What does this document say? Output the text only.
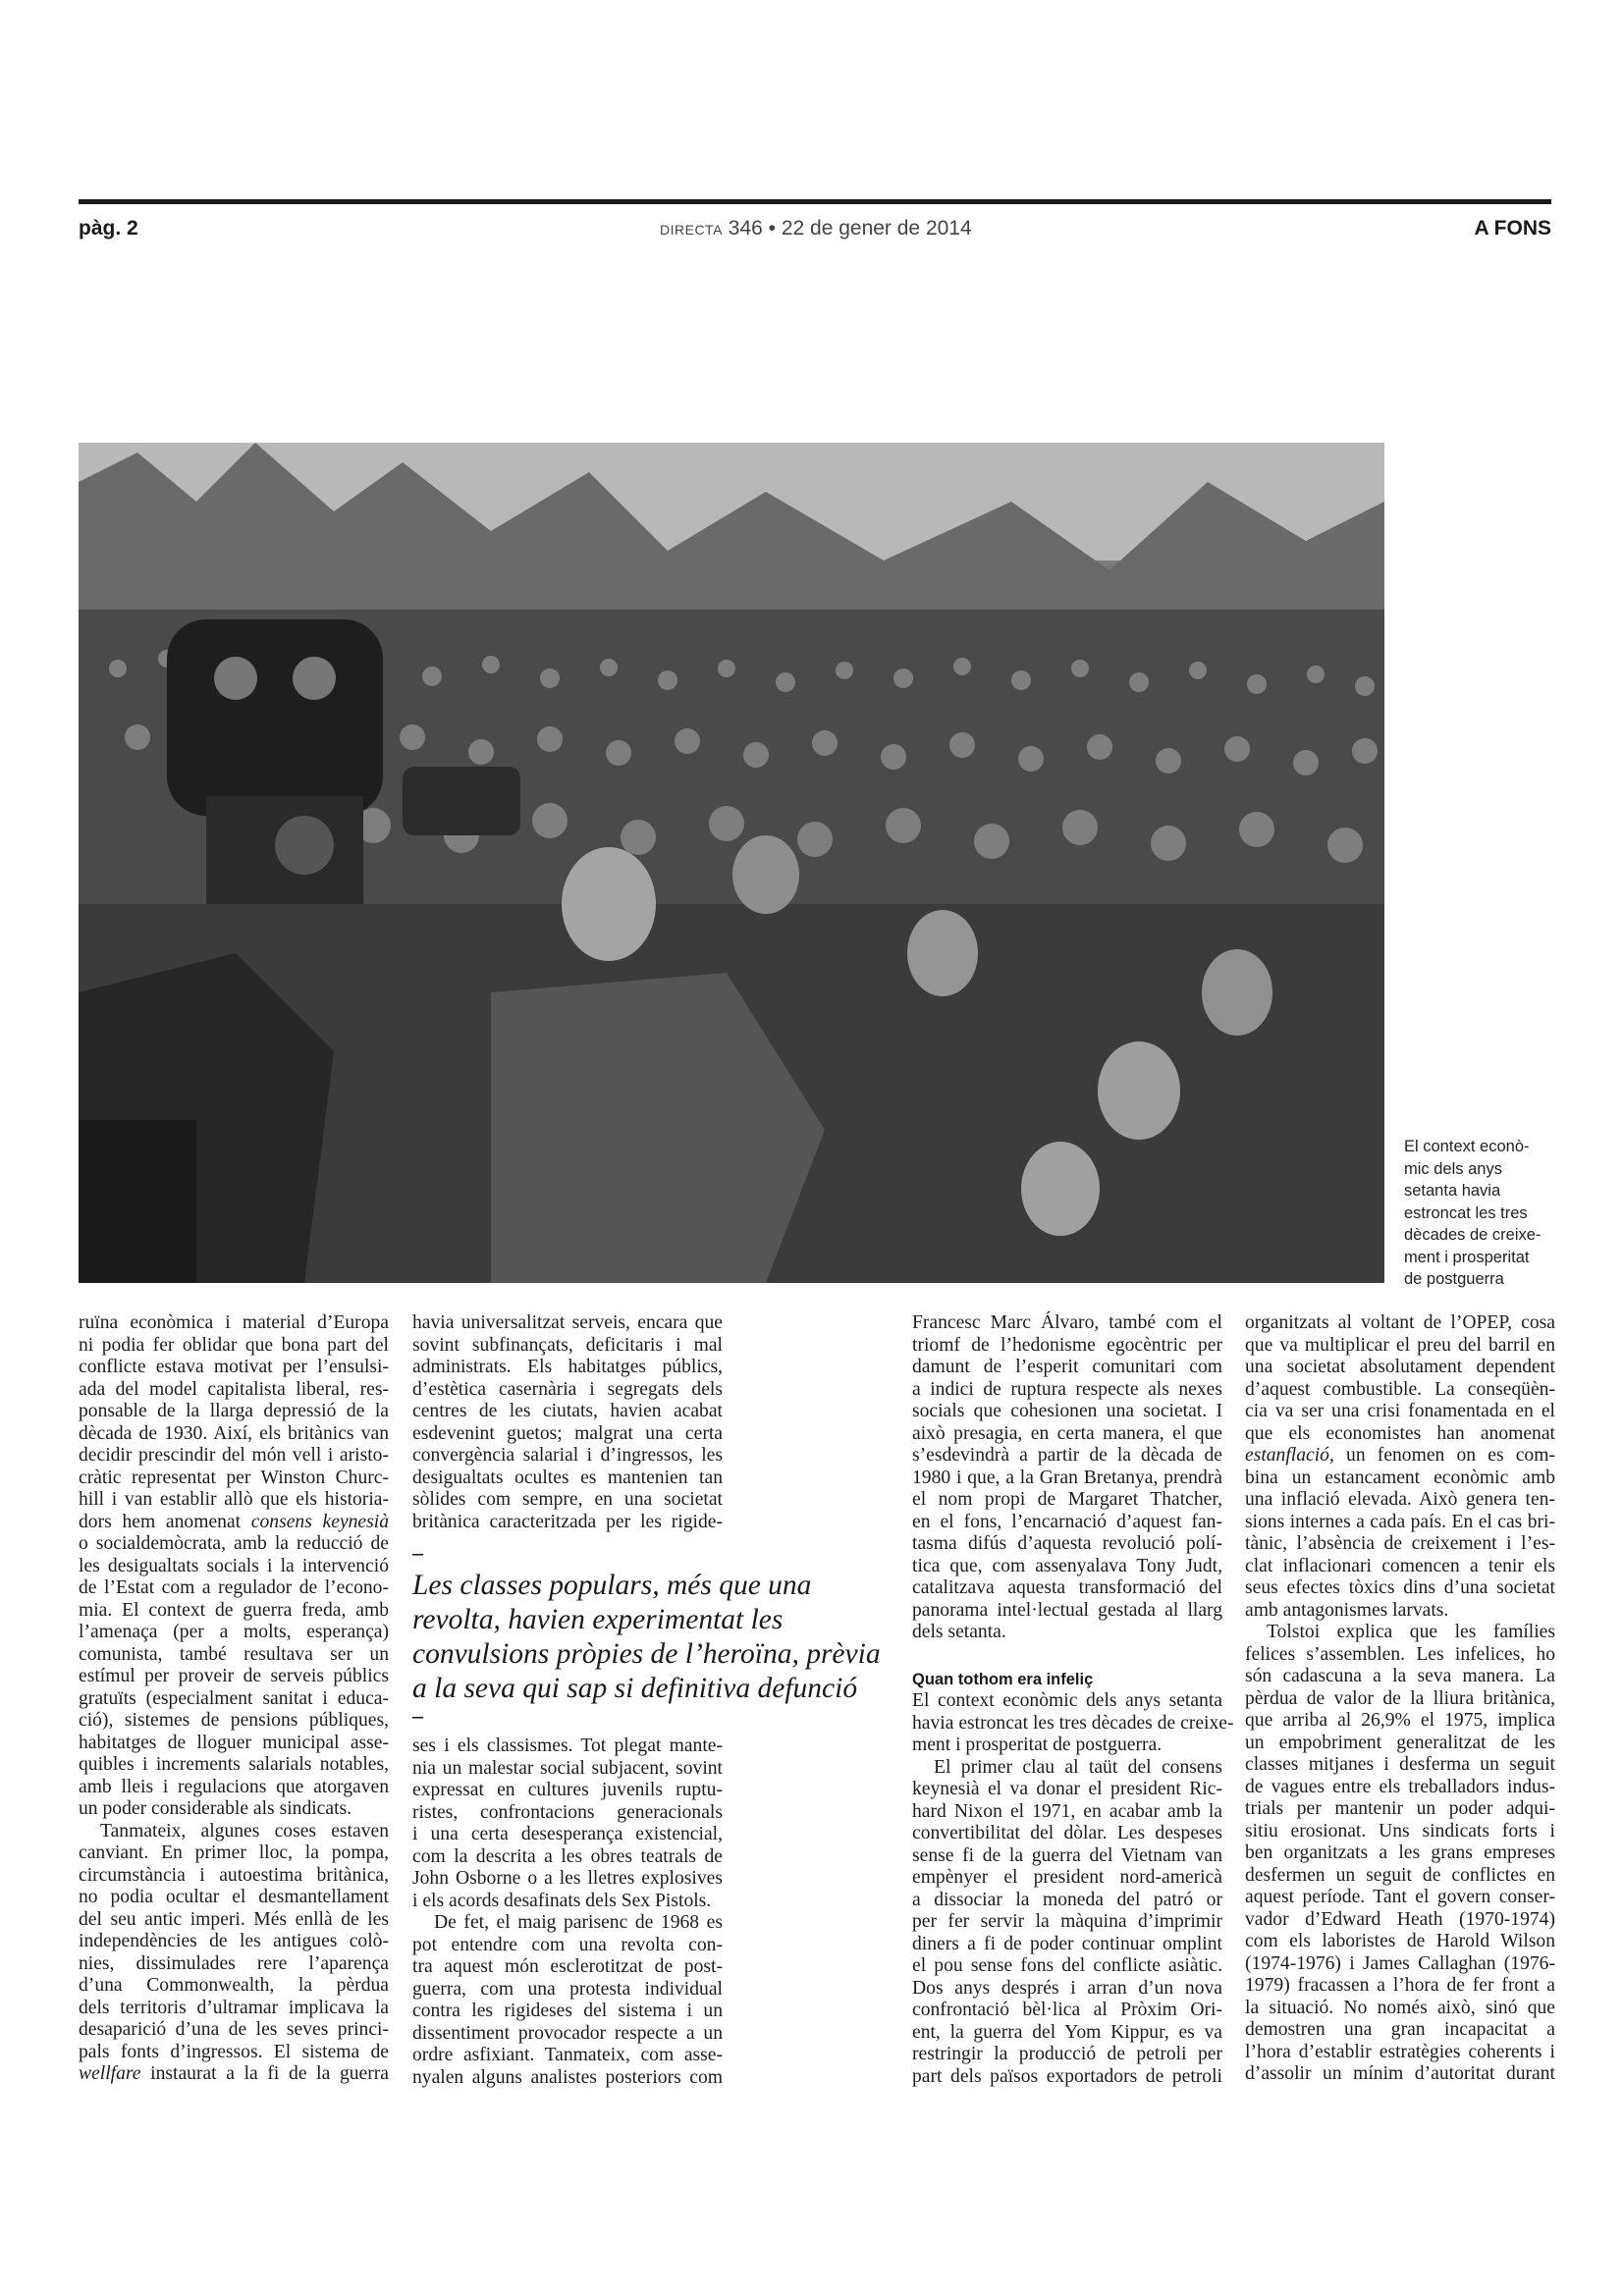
pàg. 2	DIRECTA 346 • 22 de gener de 2014	A FONS
El context econò-
mic dels anys
setanta havia
estroncat les tres
dècades de creixe-
ment i prosperitat
de postguerra
ruïna econòmica i material d’Europa
ni podia fer oblidar que bona part del
conflicte estava motivat per l’ensulsi-
ada del model capitalista liberal, res-
ponsable de la llarga depressió de la
dècada de 1930. Així, els britànics van
decidir prescindir del món vell i aristo-
cràtic representat per Winston Churc-
hill i van establir allò que els historia-
dors hem anomenat consens keynesià
o socialdemòcrata, amb la reducció de
les desigualtats socials i la intervenció
de l’Estat com a regulador de l’econo-
mia. El context de guerra freda, amb
l’amenaça (per a molts, esperança)
comunista, també resultava ser un
estímul per proveir de serveis públics
gratuïts (especialment sanitat i educa-
ció), sistemes de pensions públiques,
habitatges de lloguer municipal asse-
quibles i increments salarials notables,
amb lleis i regulacions que atorgaven
un poder considerable als sindicats.
Tanmateix, algunes coses estaven
canviant. En primer lloc, la pompa,
circumstància i autoestima britànica,
no podia ocultar el desmantellament
del seu antic imperi. Més enllà de les
independències de les antigues colò-
nies, dissimulades rere l’aparença
d’una Commonwealth, la pèrdua
dels territoris d’ultramar implicava la
desaparició d’una de les seves princi-
pals fonts d’ingressos. El sistema de
wellfare instaurat a la fi de la guerra
havia universalitzat serveis, encara que
sovint subfinançats, deficitaris i mal
administrats. Els habitatges públics,
d’estètica casernària i segregats dels
centres de les ciutats, havien acabat
esdevenint guetos; malgrat una certa
convergència salarial i d’ingressos, les
desigualtats ocultes es mantenien tan
sòlides com sempre, en una societat
britànica caracteritzada per les rigide-
–
Les classes populars, més que una
revolta, havien experimentat les
convulsions pròpies de l’heroïna, prèvia
a la seva qui sap si definitiva defunció
–
ses i els classismes. Tot plegat mante-
nia un malestar social subjacent, sovint
expressat en cultures juvenils ruptu-
ristes, confrontacions generacionals
i una certa desesperança existencial,
com la descrita a les obres teatrals de
John Osborne o a les lletres explosives
i els acords desafinats dels Sex Pistols.
De fet, el maig parisenc de 1968 es
pot entendre com una revolta con-
tra aquest món esclerotitzat de post-
guerra, com una protesta individual
contra les rigideses del sistema i un
dissentiment provocador respecte a un
ordre asfixiant. Tanmateix, com asse-
nyalen alguns analistes posteriors com
Francesc Marc Álvaro, també com el
triomf de l’hedonisme egocèntric per
damunt de l’esperit comunitari com
a indici de ruptura respecte als nexes
socials que cohesionen una societat. I
això presagia, en certa manera, el que
s’esdevindrà a partir de la dècada de
1980 i que, a la Gran Bretanya, prendrà
el nom propi de Margaret Thatcher,
en el fons, l’encarnació d’aquest fan-
tasma difús d’aquesta revolució polí-
tica que, com assenyalava Tony Judt,
catalitzava aquesta transformació del
panorama intel·lectual gestada al llarg
dels setanta.
Quan tothom era infeliç
El context econòmic dels anys setanta
havia estroncat les tres dècades de creixe-
ment i prosperitat de postguerra.
El primer clau al taüt del consens
keynesià el va donar el president Ric-
hard Nixon el 1971, en acabar amb la
convertibilitat del dòlar. Les despeses
sense fi de la guerra del Vietnam van
empènyer el president nord-americà
a dissociar la moneda del patró or
per fer servir la màquina d’imprimir
diners a fi de poder continuar omplint
el pou sense fons del conflicte asiàtic.
Dos anys després i arran d’un nova
confrontació bèl·lica al Pròxim Ori-
ent, la guerra del Yom Kippur, es va
restringir la producció de petroli per
part dels països exportadors de petroli
organitzats al voltant de l’OPEP, cosa
que va multiplicar el preu del barril en
una societat absolutament dependent
d’aquest combustible. La conseqüèn-
cia va ser una crisi fonamentada en el
que els economistes han anomenat
estanflació, un fenomen on es com-
bina un estancament econòmic amb
una inflació elevada. Això genera ten-
sions internes a cada país. En el cas bri-
tànic, l’absència de creixement i l’es-
clat inflacionari comencen a tenir els
seus efectes tòxics dins d’una societat
amb antagonismes larvats.
Tolstoi explica que les famílies
felices s’assemblen. Les infelices, ho
són cadascuna a la seva manera. La
pèrdua de valor de la lliura britànica,
que arriba al 26,9% el 1975, implica
un empobriment generalitzat de les
classes mitjanes i desferma un seguit
de vagues entre els treballadors indus-
trials per mantenir un poder adqui-
sitiu erosionat. Uns sindicats forts i
ben organitzats a les grans empreses
desfermen un seguit de conflictes en
aquest període. Tant el govern conser-
vador d’Edward Heath (1970-1974)
com els laboristes de Harold Wilson
(1974-1976) i James Callaghan (1976-
1979) fracassen a l’hora de fer front a
la situació. No només això, sinó que
demostren una gran incapacitat a
l’hora d’establir estratègies coherents i
d’assolir un mínim d’autoritat durant
